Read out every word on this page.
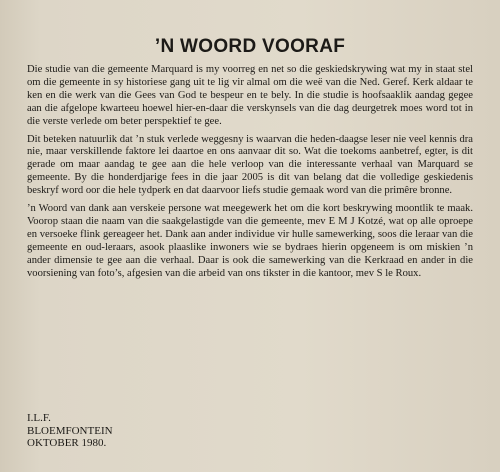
’N WOORD VOORAF

Die studie van die gemeente Marquard is my voorreg en net so die geskiedskrywing wat my in staat stel om die gemeente in sy historiese gang uit te lig vir almal om die weë van die Ned. Geref. Kerk aldaar te ken en die werk van die Gees van God te bespeur en te bely. In die studie is hoofsaaklik aandag gegee aan die afgelope kwarteeu hoewel hier-en-daar die verskynsels van die dag deurgetrek moes word tot in die verste verlede om beter perspektief te gee.

Dit beteken natuurlik dat ’n stuk verlede weggesny is waarvan die heden-daagse leser nie veel kennis dra nie, maar verskillende faktore lei daartoe en ons aanvaar dit so. Wat die toekoms aanbetref, egter, is dit gerade om maar aandag te gee aan die hele verloop van die interessante verhaal van Marquard se gemeente. By die honderdjarige fees in die jaar 2005 is dit van belang dat die volledige geskiedenis beskryf word oor die hele tydperk en dat daarvoor liefs studie gemaak word van die primêre bronne.

’n Woord van dank aan verskeie persone wat meegewerk het om die kort beskrywing moontlik te maak. Voorop staan die naam van die saakgelastigde van die gemeente, mev E M J Kotzé, wat op alle oproepe en versoeke flink gereageer het. Dank aan ander individue vir hulle samewerking, soos die leraar van die gemeente en oud-leraars, asook plaaslike inwoners wie se bydraes hierin opgeneem is om miskien ’n ander dimensie te gee aan die verhaal. Daar is ook die samewerking van die Kerkraad en ander in die voorsiening van foto’s, afgesien van die arbeid van ons tikster in die kantoor, mev S le Roux.

I.L.F.
BLOEMFONTEIN
OKTOBER 1980.
